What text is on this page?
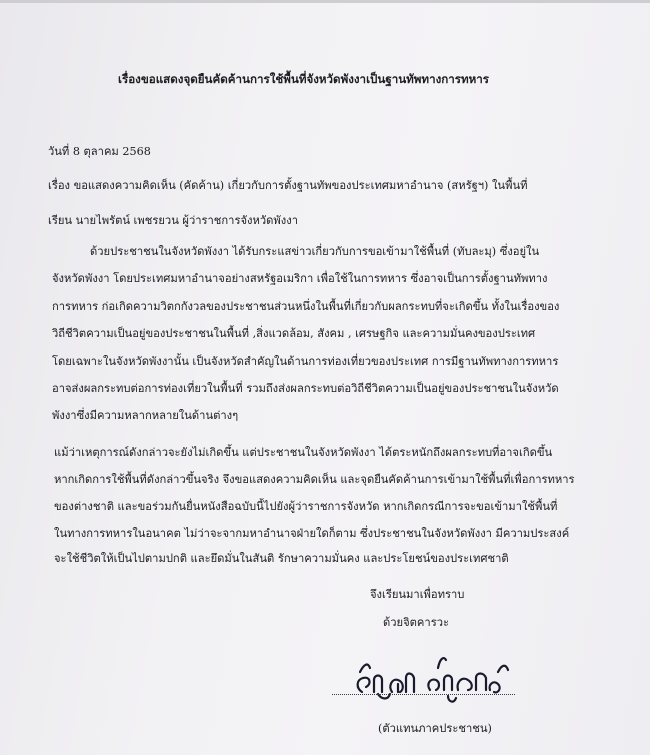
เรื่องขอแสดงจุดยืนคัดค้านการใช้พื้นที่จังหวัดพังงาเป็นฐานทัพทางการทหาร
วันที่ 8 ตุลาคม 2568
เรื่อง ขอแสดงความคิดเห็น (คัดค้าน) เกี่ยวกับการตั้งฐานทัพของประเทศมหาอำนาจ (สหรัฐฯ) ในพื้นที่
เรียน นายไพรัตน์ เพชรยวน ผู้ว่าราชการจังหวัดพังงา
ด้วยประชาชนในจังหวัดพังงา ได้รับกระแสข่าวเกี่ยวกับการขอเข้ามาใช้พื้นที่ (ทับละมุ) ซึ่งอยู่ใน
จังหวัดพังงา โดยประเทศมหาอำนาจอย่างสหรัฐอเมริกา เพื่อใช้ในการทหาร ซึ่งอาจเป็นการตั้งฐานทัพทาง
การทหาร ก่อเกิดความวิตกกังวลของประชาชนส่วนหนึ่งในพื้นที่เกี่ยวกับผลกระทบที่จะเกิดขึ้น ทั้งในเรื่องของ
วิถีชีวิตความเป็นอยู่ของประชาชนในพื้นที่ ,สิ่งแวดล้อม, สังคม , เศรษฐกิจ และความมั่นคงของประเทศ
โดยเฉพาะในจังหวัดพังงานั้น เป็นจังหวัดสำคัญในด้านการท่องเที่ยวของประเทศ การมีฐานทัพทางการทหาร
อาจส่งผลกระทบต่อการท่องเที่ยวในพื้นที่ รวมถึงส่งผลกระทบต่อวิถีชีวิตความเป็นอยู่ของประชาชนในจังหวัด
พังงาซึ่งมีความหลากหลายในด้านต่างๆ
แม้ว่าเหตุการณ์ดังกล่าวจะยังไม่เกิดขึ้น แต่ประชาชนในจังหวัดพังงา ได้ตระหนักถึงผลกระทบที่อาจเกิดขึ้น
หากเกิดการใช้พื้นที่ดังกล่าวขึ้นจริง จึงขอแสดงความคิดเห็น และจุดยืนคัดค้านการเข้ามาใช้พื้นที่เพื่อการทหาร
ของต่างชาติ และขอร่วมกันยื่นหนังสือฉบับนี้ไปยังผู้ว่าราชการจังหวัด หากเกิดกรณีการจะขอเข้ามาใช้พื้นที่
ในทางการทหารในอนาคต ไม่ว่าจะจากมหาอำนาจฝ่ายใดก็ตาม ซึ่งประชาชนในจังหวัดพังงา มีความประสงค์
จะใช้ชีวิตให้เป็นไปตามปกติ และยึดมั่นในสันติ รักษาความมั่นคง และประโยชน์ของประเทศชาติ
จึงเรียนมาเพื่อทราบ
ด้วยจิตคารวะ
(ตัวแทนภาคประชาชน)
